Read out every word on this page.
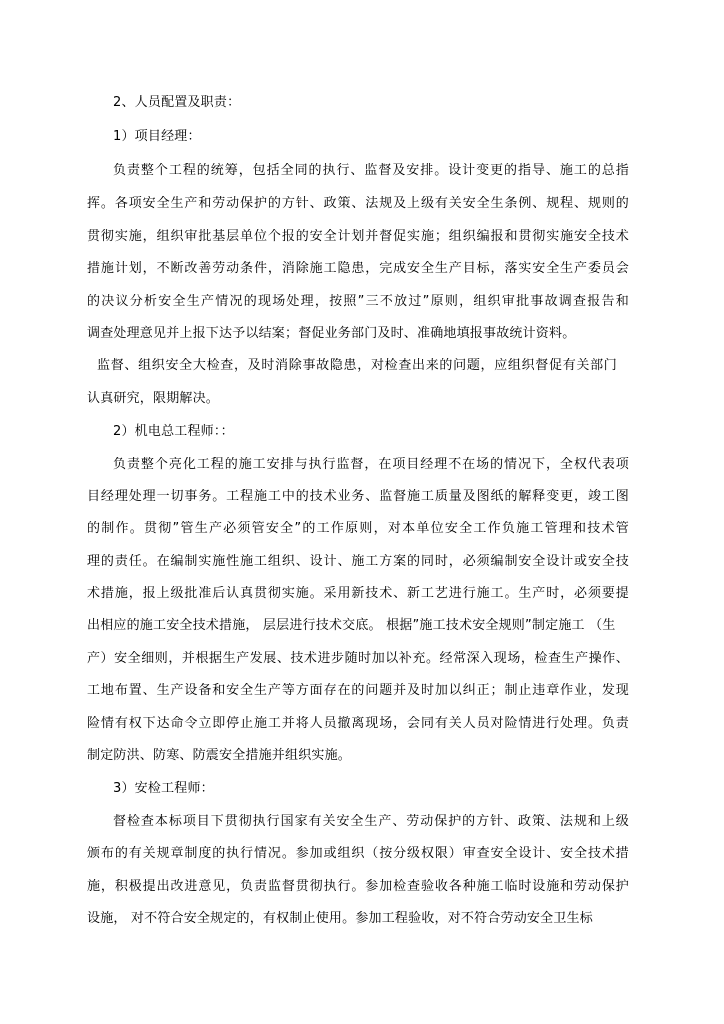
2、人员配置及职责：
1）项目经理：
负责整个工程的统筹，包括全同的执行、监督及安排。设计变更的指导、施工的总指
挥。各项安全生产和劳动保护的方针、政策、法规及上级有关安全生条例、规程、规则的
贯彻实施，组织审批基层单位个报的安全计划并督促实施；组织编报和贯彻实施安全技术
措施计划，不断改善劳动条件，消除施工隐患，完成安全生产目标，落实安全生产委员会
的决议分析安全生产情况的现场处理，按照”三不放过”原则，组织审批事故调查报告和
调查处理意见并上报下达予以结案；督促业务部门及时、准确地填报事故统计资料。
监督、组织安全大检查，及时消除事故隐患，对检查出来的问题，应组织督促有关部门
认真研究，限期解决。
2）机电总工程师：：
负责整个亮化工程的施工安排与执行监督，在项目经理不在场的情况下，全权代表项
目经理处理一切事务。工程施工中的技术业务、监督施工质量及图纸的解释变更，竣工图
的制作。贯彻”管生产必须管安全”的工作原则，对本单位安全工作负施工管理和技术管
理的责任。在编制实施性施工组织、设计、施工方案的同时，必须编制安全设计或安全技
术措施，报上级批准后认真贯彻实施。采用新技术、新工艺进行施工。生产时，必须要提
出相应的施工安全技术措施， 层层进行技术交底。 根据”施工技术安全规则”制定施工 （生
产）安全细则，并根据生产发展、技术进步随时加以补充。经常深入现场，检查生产操作、
工地布置、生产设备和安全生产等方面存在的问题并及时加以纠正；制止违章作业，发现
险情有权下达命令立即停止施工并将人员撤离现场，会同有关人员对险情进行处理。负责
制定防洪、防寒、防震安全措施并组织实施。
3）安检工程师：
督检查本标项目下贯彻执行国家有关安全生产、劳动保护的方针、政策、法规和上级
颁布的有关规章制度的执行情况。参加或组织（按分级权限）审查安全设计、安全技术措
施，积极提出改进意见，负责监督贯彻执行。参加检查验收各种施工临时设施和劳动保护
设施， 对不符合安全规定的，有权制止使用。参加工程验收，对不符合劳动安全卫生标
